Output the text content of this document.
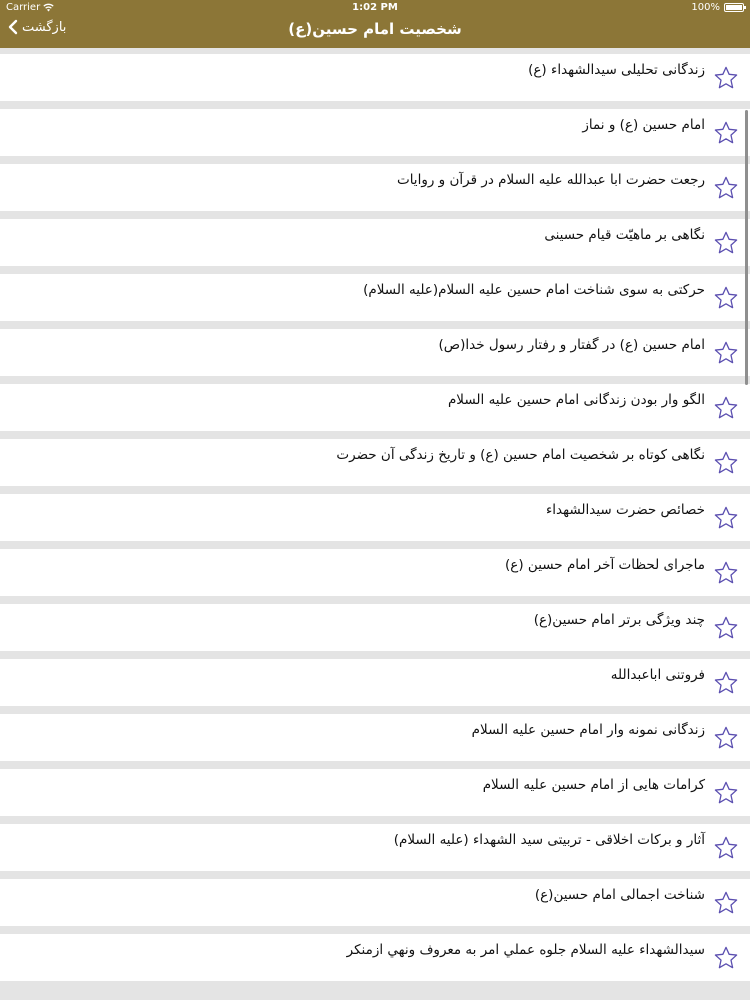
Carrier	1:02 PM	100%
بازگشت	شخصیت امام حسین(ع)
زندگانی تحلیلی سیدالشهداء (ع)
امام حسین (ع) و نماز
رجعت حضرت ابا عبدالله علیه السلام در قرآن و روایات
نگاهی بر ماهیّت قیام حسینی
حرکتی به سوی شناخت امام حسین علیه السلام(علیه السلام)
امام حسین (ع) در گفتار و رفتار رسول خدا(ص)
الگو وار بودن زندگانی امام حسین علیه السلام
نگاهی کوتاه بر شخصیت امام حسین (ع) و تاریخ زندگی آن حضرت
خصائص حضرت سیدالشهداء
ماجرای لحظات آخر امام حسین (ع)
چند ویژگی برتر امام حسین(ع)
فروتنی اباعبدالله
زندگانی نمونه وار امام حسین علیه السلام
کرامات هایی از امام حسین علیه السلام
آثار و برکات اخلاقی - تربیتی سید الشهداء (علیه السلام)
شناخت اجمالی امام حسین(ع)
سيدالشهداء عليه السلام جلوه عملي امر به معروف ونهي ازمنكر
